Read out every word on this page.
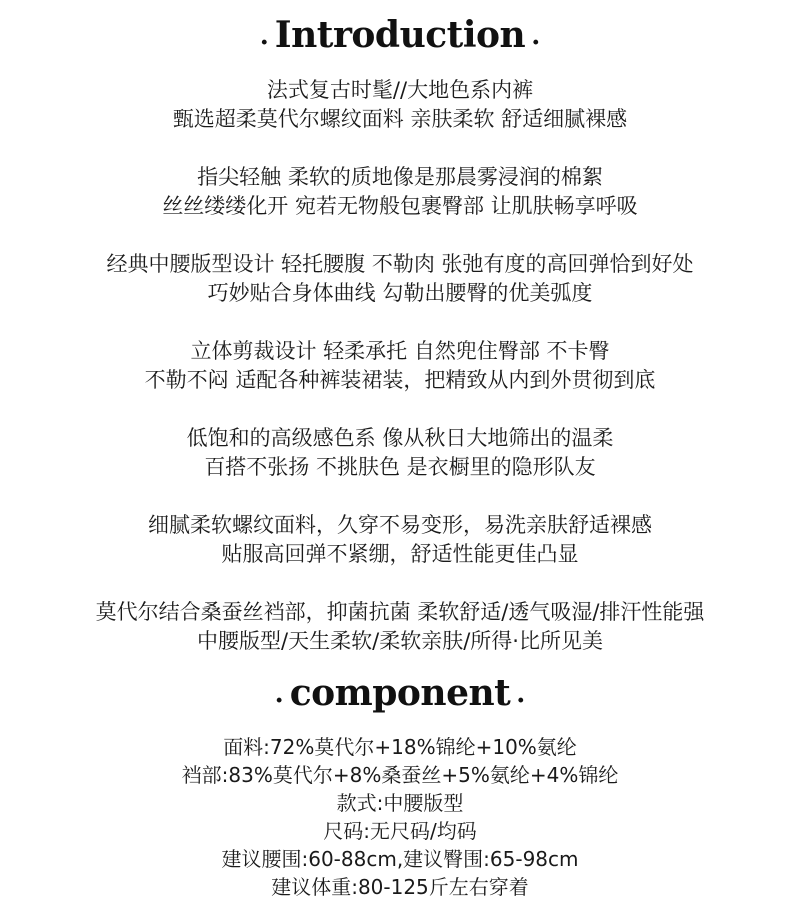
· Introduction ·
法式复古时髦//大地色系内裤
甄选超柔莫代尔螺纹面料 亲肤柔软 舒适细腻裸感
指尖轻触 柔软的质地像是那晨雾浸润的棉絮
丝丝缕缕化开 宛若无物般包裹臀部 让肌肤畅享呼吸
经典中腰版型设计 轻托腰腹 不勒肉 张弛有度的高回弹恰到好处
巧妙贴合身体曲线 勾勒出腰臀的优美弧度
立体剪裁设计 轻柔承托 自然兜住臀部 不卡臀
不勒不闷 适配各种裤装裙装，把精致从内到外贯彻到底
低饱和的高级感色系 像从秋日大地筛出的温柔
百搭不张扬 不挑肤色 是衣橱里的隐形队友
细腻柔软螺纹面料，久穿不易变形，易洗亲肤舒适裸感
贴服高回弹不紧绷，舒适性能更佳凸显
莫代尔结合桑蚕丝裆部，抑菌抗菌 柔软舒适/透气吸湿/排汗性能强
中腰版型/天生柔软/柔软亲肤/所得·比所见美
· component ·
面料:72%莫代尔+18%锦纶+10%氨纶
裆部:83%莫代尔+8%桑蚕丝+5%氨纶+4%锦纶
款式:中腰版型
尺码:无尺码/均码
建议腰围:60-88cm,建议臀围:65-98cm
建议体重:80-125斤左右穿着
